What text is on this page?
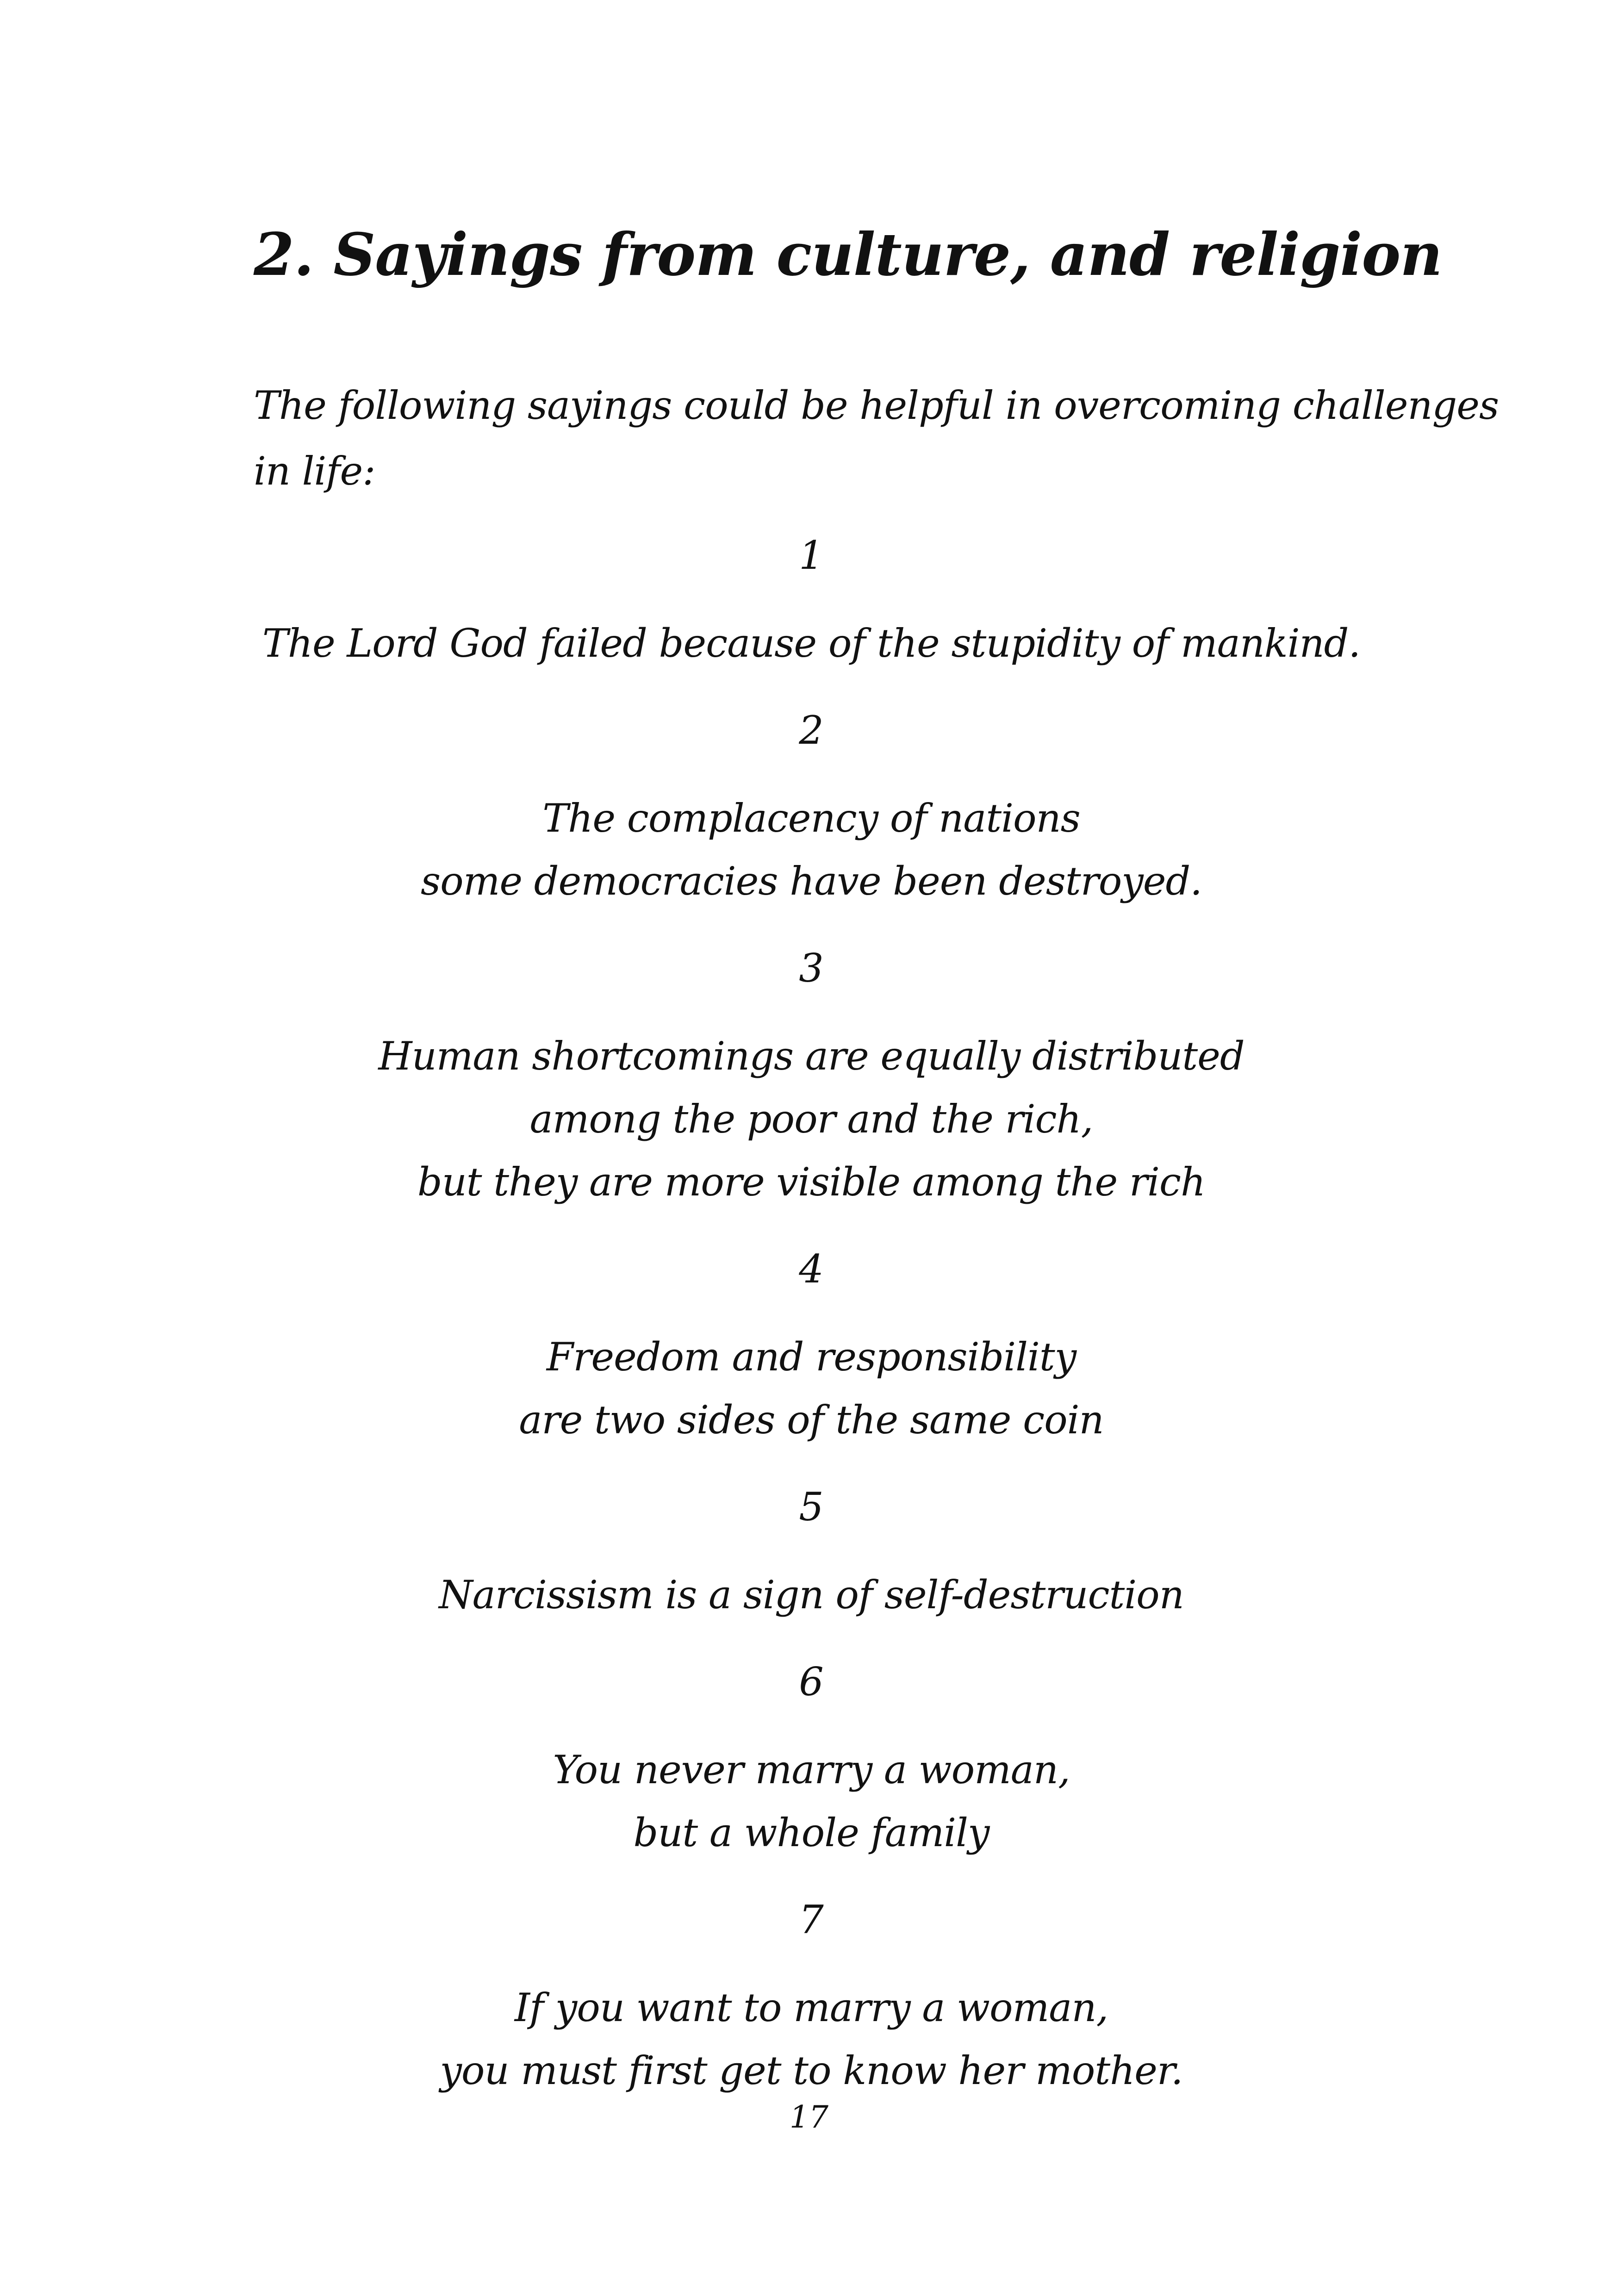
2. Sayings from culture, and religion

The following sayings could be helpful in overcoming challenges
in life:

1
The Lord God failed because of the stupidity of mankind.
2
The complacency of nations
some democracies have been destroyed.
3
Human shortcomings are equally distributed
among the poor and the rich,
but they are more visible among the rich
4
Freedom and responsibility
are two sides of the same coin
5
Narcissism is a sign of self-destruction
6
You never marry a woman,
but a whole family
7
If you want to marry a woman,
you must first get to know her mother.
17
